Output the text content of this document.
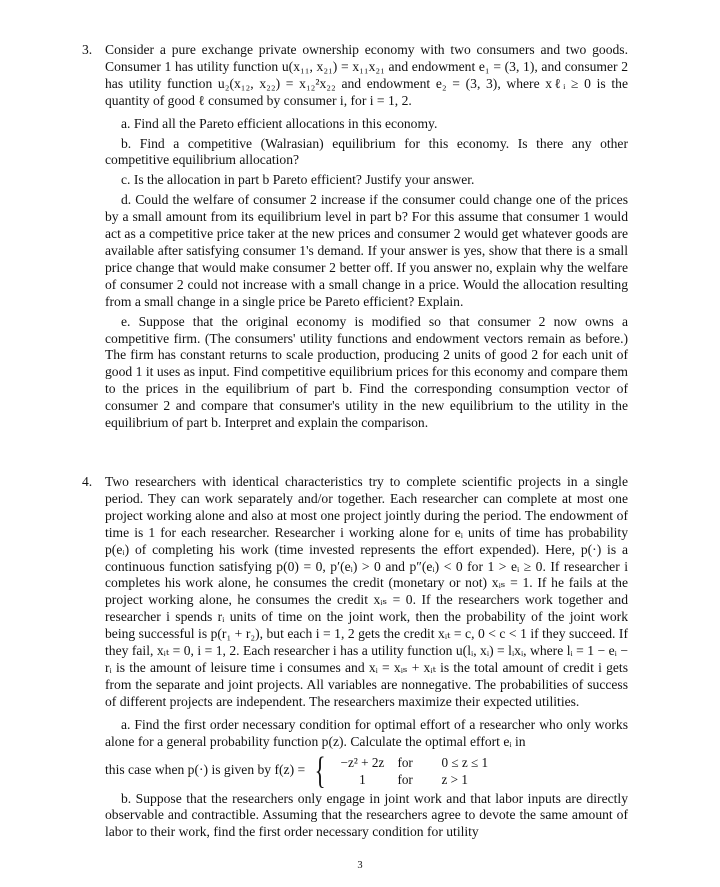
3. Consider a pure exchange private ownership economy with two consumers and two goods. Consumer 1 has utility function u(x₁₁, x₂₁) = x₁₁x₂₁ and endowment e₁ = (3, 1), and consumer 2 has utility function u₂(x₁₂, x₂₂) = x₁₂²x₂₂ and endowment e₂ = (3, 3), where xℓᵢ ≥ 0 is the quantity of good ℓ consumed by consumer i, for i = 1, 2.

a. Find all the Pareto efficient allocations in this economy.

b. Find a competitive (Walrasian) equilibrium for this economy. Is there any other competitive equilibrium allocation?

c. Is the allocation in part b Pareto efficient? Justify your answer.

d. Could the welfare of consumer 2 increase if the consumer could change one of the prices by a small amount from its equilibrium level in part b? For this assume that consumer 1 would act as a competitive price taker at the new prices and consumer 2 would get whatever goods are available after satisfying consumer 1's demand. If your answer is yes, show that there is a small price change that would make consumer 2 better off. If you answer no, explain why the welfare of consumer 2 could not increase with a small change in a price. Would the allocation resulting from a small change in a single price be Pareto efficient? Explain.

e. Suppose that the original economy is modified so that consumer 2 now owns a competitive firm. (The consumers' utility functions and endowment vectors remain as before.) The firm has constant returns to scale production, producing 2 units of good 2 for each unit of good 1 it uses as input. Find competitive equilibrium prices for this economy and compare them to the prices in the equilibrium of part b. Find the corresponding consumption vector of consumer 2 and compare that consumer's utility in the new equilibrium to the utility in the equilibrium of part b. Interpret and explain the comparison.

4. Two researchers with identical characteristics try to complete scientific projects in a single period. They can work separately and/or together. Each researcher can complete at most one project working alone and also at most one project jointly during the period. The endowment of time is 1 for each researcher. Researcher i working alone for eᵢ units of time has probability p(eᵢ) of completing his work (time invested represents the effort expended). Here, p(·) is a continuous function satisfying p(0) = 0, p′(eᵢ) > 0 and p″(eᵢ) < 0 for 1 > eᵢ ≥ 0. If researcher i completes his work alone, he consumes the credit (monetary or not) xᵢₛ = 1. If he fails at the project working alone, he consumes the credit xᵢₛ = 0. If the researchers work together and researcher i spends rᵢ units of time on the joint work, then the probability of the joint work being successful is p(r₁ + r₂), but each i = 1, 2 gets the credit xᵢₜ = c, 0 < c < 1 if they succeed. If they fail, xᵢₜ = 0, i = 1, 2. Each researcher i has a utility function u(lᵢ, xᵢ) = lᵢxᵢ, where lᵢ = 1 − eᵢ − rᵢ is the amount of leisure time i consumes and xᵢ = xᵢₛ + xᵢₜ is the total amount of credit i gets from the separate and joint projects. All variables are nonnegative. The probabilities of success of different projects are independent. The researchers maximize their expected utilities.

a. Find the first order necessary condition for optimal effort of a researcher who only works alone for a general probability function p(z). Calculate the optimal effort eᵢ in

this case when p(·) is given by f(z) = {	−z² + 2z for	0 ≤ z ≤ 1
1	for	z > 1

b. Suppose that the researchers only engage in joint work and that labor inputs are directly observable and contractible. Assuming that the researchers agree to devote the same amount of labor to their work, find the first order necessary condition for utility

3
